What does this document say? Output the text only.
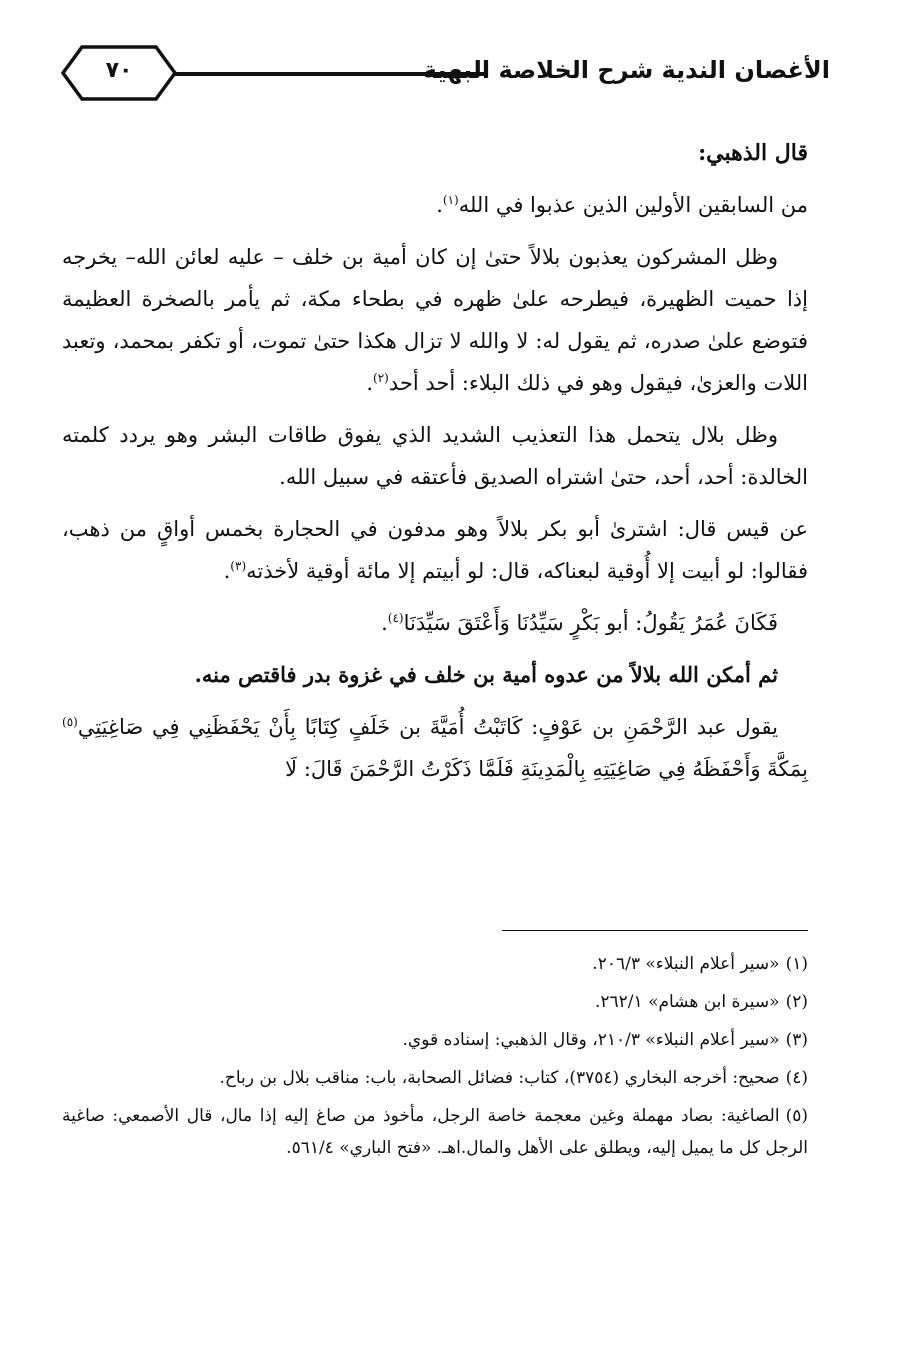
الأغصان الندية شرح الخلاصة البهية
٧٠

قال الذهبي:

من السابقين الأولين الذين عذبوا في الله$^{(١)}$.

وظل المشركون يعذبون بلالاً حتىٰ إن كان أمية بن خلف – عليه لعائن الله– يخرجه إذا حميت الظهيرة، فيطرحه علىٰ ظهره في بطحاء مكة، ثم يأمر بالصخرة العظيمة فتوضع علىٰ صدره، ثم يقول له: لا والله لا تزال هكذا حتىٰ تموت، أو تكفر بمحمد، وتعبد اللات والعزىٰ، فيقول وهو في ذلك البلاء: أحد أحد$^{(٢)}$.

وظل بلال يتحمل هذا التعذيب الشديد الذي يفوق طاقات البشر وهو يردد كلمته الخالدة: أحد، أحد، حتىٰ اشتراه الصديق فأعتقه في سبيل الله.

عن قيس قال: اشترىٰ أبو بكر بلالاً وهو مدفون في الحجارة بخمس أواقٍ من ذهب، فقالوا: لو أبيت إلا أُوقية لبعناكه، قال: لو أبيتم إلا مائة أوقية لأخذته$^{(٣)}$.

فَكَانَ عُمَرُ يَقُولُ: أبو بَكْرٍ سَيِّدُنَا وَأَعْتَقَ سَيِّدَنَا$^{(٤)}$.

ثم أمكن الله بلالاً من عدوه أمية بن خلف في غزوة بدر فاقتص منه.

يقول عبد الرَّحْمَنِ بن عَوْفٍ: كَاتَبْتُ أُمَيَّةَ بن خَلَفٍ كِتَابًا بِأَنْ يَحْفَظَنِي فِي صَاغِيَتِي$^{(٥)}$ بِمَكَّةَ وَأَحْفَظَهُ فِي صَاغِيَتِهِ بِالْمَدِينَةِ فَلَمَّا ذَكَرْتُ الرَّحْمَنَ قَالَ: لَا

(١)«سير أعلام النبلاء» ٢٠٦/٣.
(٢)«سيرة ابن هشام» ٢٦٢/١.
(٣)«سير أعلام النبلاء» ٢١٠/٣، وقال الذهبي: إسناده قوي.
(٤)صحيح: أخرجه البخاري (٣٧٥٤)، كتاب: فضائل الصحابة، باب: مناقب بلال بن رباح.
(٥)الصاغية: بصاد مهملة وغين معجمة خاصة الرجل، مأخوذ من صاغ إليه إذا مال، قال الأصمعي: صاغية الرجل كل ما يميل إليه، ويطلق على الأهل والمال.اهـ. «فتح الباري» ٥٦١/٤.
